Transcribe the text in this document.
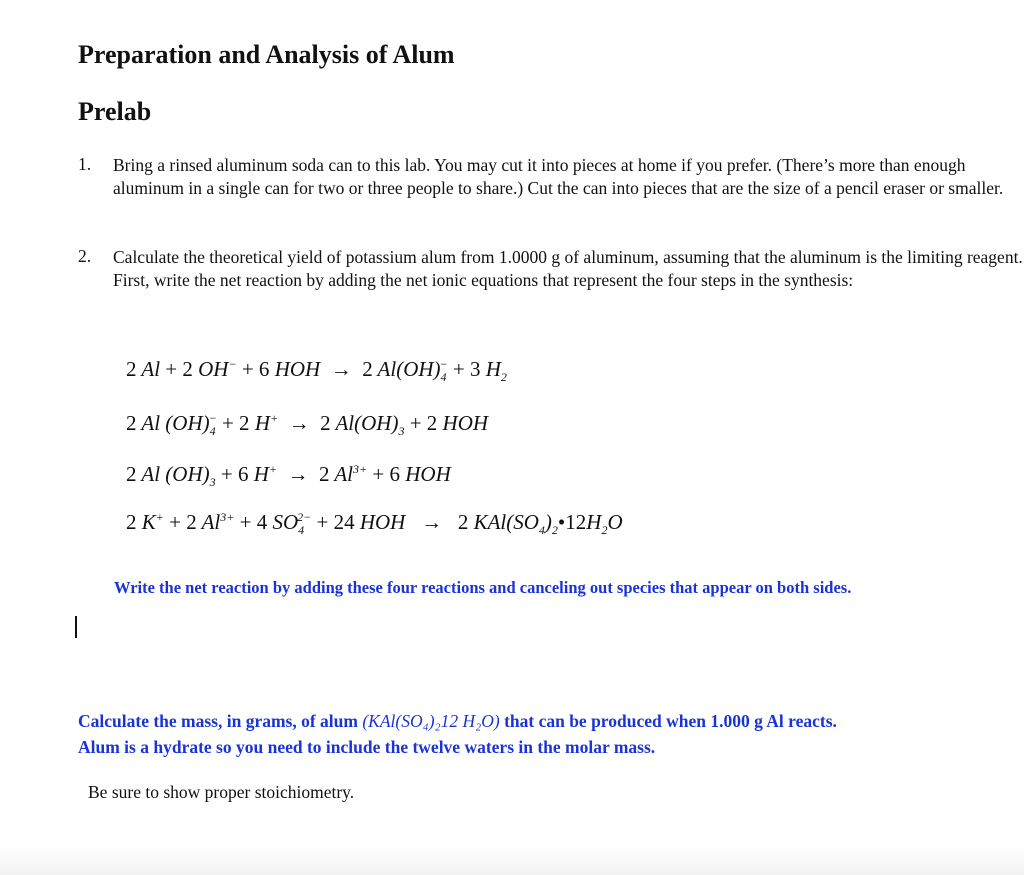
Preparation and Analysis of Alum
Prelab
1. Bring a rinsed aluminum soda can to this lab. You may cut it into pieces at home if you prefer. (There’s more than enough aluminum in a single can for two or three people to share.) Cut the can into pieces that are the size of a pencil eraser or smaller.
2. Calculate the theoretical yield of potassium alum from 1.0000 g of aluminum, assuming that the aluminum is the limiting reagent. First, write the net reaction by adding the net ionic equations that represent the four steps in the synthesis:
2 Al + 2 OH− + 6 HOH  → 2 $Al(OH)_4^- + 3$ $H_2$
2 Al $(OH)_4^- + 2$ H+ → 2 $Al(OH)_3 + 2$ HOH
2 Al $(OH)_3 + 6$ H+ → 2 $Al^{3+} + 6$ HOH
2 K+ + 2 $Al^{3+} + 4$ $SO_4^{2-} + 24$ HOH   → 2 $KAl(SO_4)_2•12H_2O$
Write the net reaction by adding these four reactions and canceling out species that appear on both sides.
Calculate the mass, in grams, of alum (KAl(SO₄)₂12 H₂O) that can be produced when 1.000 g Al reacts.
Alum is a hydrate so you need to include the twelve waters in the molar mass.
Be sure to show proper stoichiometry.
